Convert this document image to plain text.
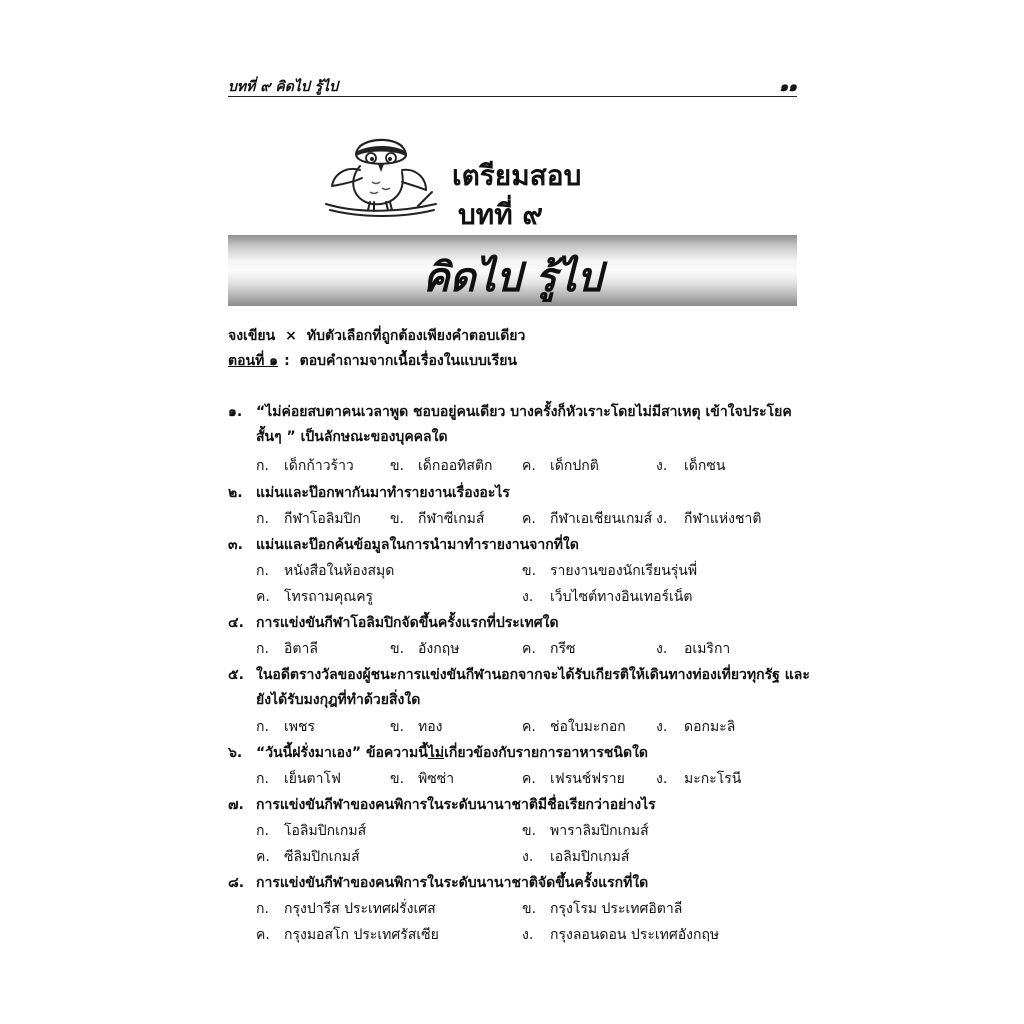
บทที่ ๙ คิดไป รู้ไป	๑๑
เตรียมสอบ
บทที่ ๙
คิดไป รู้ไป
จงเขียน × ทับตัวเลือกที่ถูกต้องเพียงคำตอบเดียว
ตอนที่ ๑ : ตอบคำถามจากเนื้อเรื่องในแบบเรียน
๑. “ไม่ค่อยสบตาคนเวลาพูด ชอบอยู่คนเดียว บางครั้งก็หัวเราะโดยไม่มีสาเหตุ เข้าใจประโยค
สั้นๆ ” เป็นลักษณะของบุคคลใด
ก. เด็กก้าวร้าว	ข. เด็กออทิสติก ค. เด็กปกติ	ง. เด็กซน
๒. แม่นและป๊อกพากันมาทำรายงานเรื่องอะไร
ก. กีฬาโอลิมปิก ข. กีฬาซีเกมส์	ค. กีฬาเอเชียนเกมส์ ง. กีฬาแห่งชาติ
๓. แม่นและป๊อกค้นข้อมูลในการนำมาทำรายงานจากที่ใด
ก. หนังสือในห้องสมุด	ข. รายงานของนักเรียนรุ่นพี่
ค. โทรถามคุณครู	ง. เว็บไซต์ทางอินเทอร์เน็ต
๔. การแข่งขันกีฬาโอลิมปิกจัดขึ้นครั้งแรกที่ประเทศใด
ก. อิตาลี	ข. อังกฤษ	ค. กรีซ	ง. อเมริกา
๕. ในอดีตรางวัลของผู้ชนะการแข่งขันกีฬานอกจากจะได้รับเกียรติให้เดินทางท่องเที่ยวทุกรัฐ และ
ยังได้รับมงกุฎที่ทำด้วยสิ่งใด
ก. เพชร	ข. ทอง	ค. ช่อใบมะกอก ง. ดอกมะลิ
๖. “วันนี้ฝรั่งมาเอง” ข้อความนี้ไม่เกี่ยวข้องกับรายการอาหารชนิดใด
ก. เย็นตาโฟ	ข. พิซซ่า	ค. เฟรนช์ฟราย ง. มะกะโรนี
๗. การแข่งขันกีฬาของคนพิการในระดับนานาชาติมีชื่อเรียกว่าอย่างไร
ก. โอลิมปิกเกมส์	ข. พาราลิมปิกเกมส์
ค. ซีลิมปิกเกมส์	ง. เอลิมปิกเกมส์
๘. การแข่งขันกีฬาของคนพิการในระดับนานาชาติจัดขึ้นครั้งแรกที่ใด
ก. กรุงปารีส ประเทศฝรั่งเศส	ข. กรุงโรม ประเทศอิตาลี
ค. กรุงมอสโก ประเทศรัสเซีย	ง. กรุงลอนดอน ประเทศอังกฤษ
